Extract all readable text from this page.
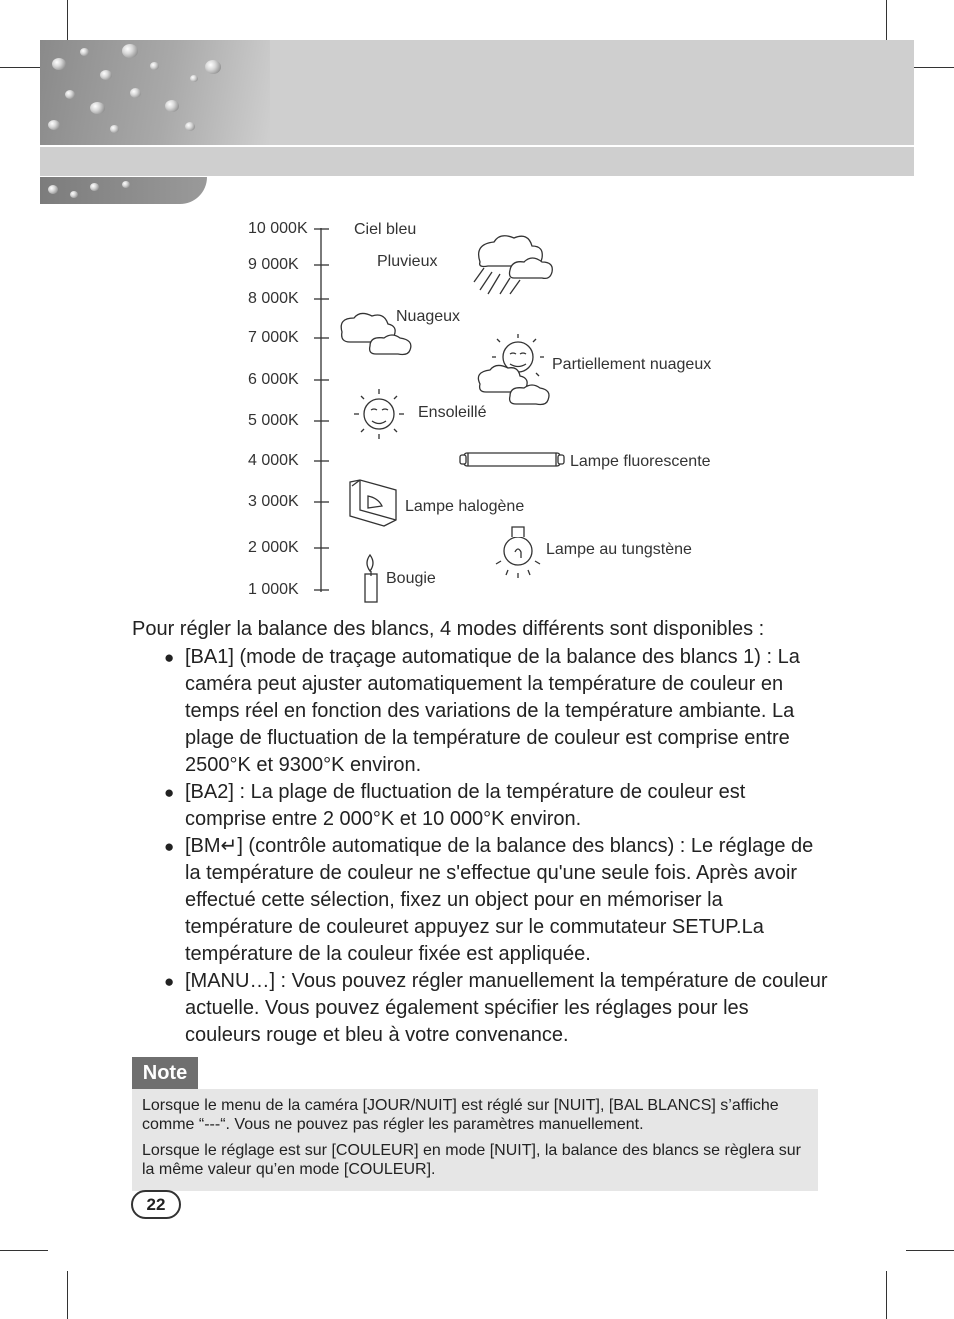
10 000K
9 000K
8 000K
7 000K
6 000K
5 000K
4 000K
3 000K
2 000K
1 000K
Ciel bleu
Pluvieux
Nuageux
Partiellement nuageux
Ensoleillé
Lampe fluorescente
Lampe halogène
Lampe au tungstène
Bougie
Pour régler la balance des blancs, 4 modes différents sont disponibles :
● [BA1] (mode de traçage automatique de la balance des blancs 1) : La caméra peut ajuster automatiquement la température de couleur en temps réel en fonction des variations de la température ambiante. La plage de fluctuation de la température de couleur est comprise entre 2500°K et 9300°K environ.
● [BA2] : La plage de fluctuation de la température de couleur est comprise entre 2 000°K et 10 000°K environ.
● [BM↵] (contrôle automatique de la balance des blancs) : Le réglage de la température de couleur ne s'effectue qu'une seule fois. Après avoir effectué cette sélection, fixez un object pour en mémoriser la température de couleuret appuyez sur le commutateur SETUP.La température de la couleur fixée est appliquée.
● [MANU…] : Vous pouvez régler manuellement la température de couleur actuelle. Vous pouvez également spécifier les réglages pour les couleurs rouge et bleu à votre convenance.
Note

Lorsque le menu de la caméra [JOUR/NUIT] est réglé sur [NUIT], [BAL BLANCS] s’affiche comme “---“. Vous ne pouvez pas régler les paramètres manuellement.

Lorsque le réglage est sur [COULEUR] en mode [NUIT], la balance des blancs se règlera sur la même valeur qu’en mode [COULEUR].

22
